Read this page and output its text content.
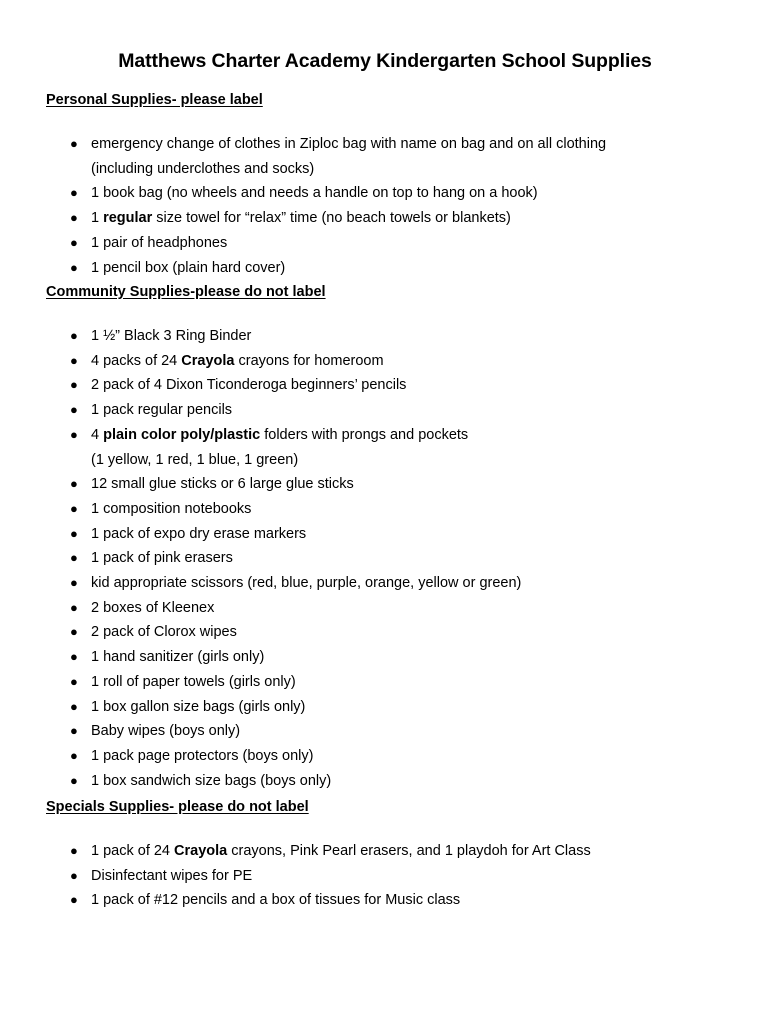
Matthews Charter Academy Kindergarten School Supplies

Personal Supplies- please label

● emergency change of clothes in Ziploc bag with name on bag and on all clothing
(including underclothes and socks)
● 1 book bag (no wheels and needs a handle on top to hang on a hook)
● 1 regular size towel for “relax” time (no beach towels or blankets)
● 1 pair of headphones
● 1 pencil box (plain hard cover)

Community Supplies-please do not label

● 1 ½” Black 3 Ring Binder
● 4 packs of 24 Crayola crayons for homeroom
● 2 pack of 4 Dixon Ticonderoga beginners’ pencils
● 1 pack regular pencils
● 4 plain color poly/plastic folders with prongs and pockets
(1 yellow, 1 red, 1 blue, 1 green)
● 12 small glue sticks or 6 large glue sticks
● 1 composition notebooks
● 1 pack of expo dry erase markers
● 1 pack of pink erasers
● kid appropriate scissors (red, blue, purple, orange, yellow or green)
● 2 boxes of Kleenex
● 2 pack of Clorox wipes
● 1 hand sanitizer (girls only)
● 1 roll of paper towels (girls only)
● 1 box gallon size bags (girls only)
● Baby wipes (boys only)
● 1 pack page protectors (boys only)
● 1 box sandwich size bags (boys only)

Specials Supplies- please do not label

● 1 pack of 24 Crayola crayons, Pink Pearl erasers, and 1 playdoh for Art Class
● Disinfectant wipes for PE
● 1 pack of #12 pencils and a box of tissues for Music class
